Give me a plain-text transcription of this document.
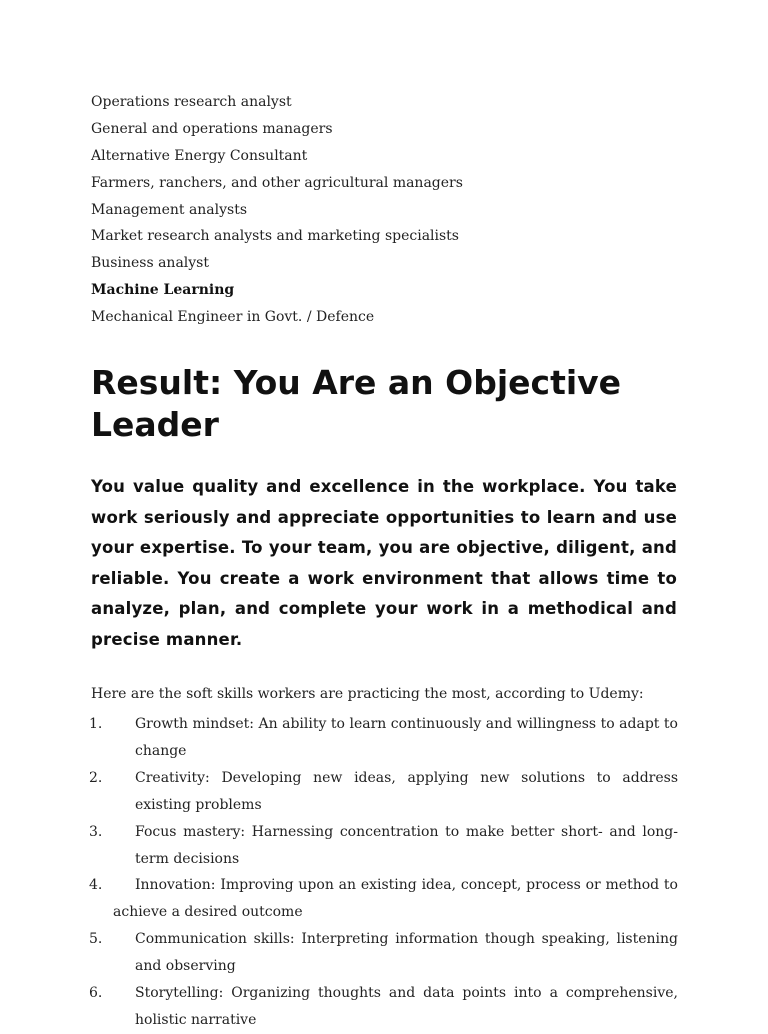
Operations research analyst
General and operations managers
Alternative Energy Consultant
Farmers, ranchers, and other agricultural managers
Management analysts
Market research analysts and marketing specialists
Business analyst
Machine Learning
Mechanical Engineer in Govt. / Defence
Result: You Are an Objective Leader

You value quality and excellence in the workplace. You take work seriously and appreciate opportunities to learn and use your expertise. To your team, you are objective, diligent, and reliable. You create a work environment that allows time to analyze, plan, and complete your work in a methodical and precise manner.

Here are the soft skills workers are practicing the most, according to Udemy:

1.	Growth mindset: An ability to learn continuously and willingness to adapt to change
2.	Creativity: Developing new ideas, applying new solutions to address existing problems
3.	Focus mastery: Harnessing concentration to make better short- and long-term decisions
4.	Innovation: Improving upon an existing idea, concept, process or method to achieve a desired outcome
5.	Communication skills: Interpreting information though speaking, listening and observing
6.	Storytelling: Organizing thoughts and data points into a comprehensive, holistic narrative
